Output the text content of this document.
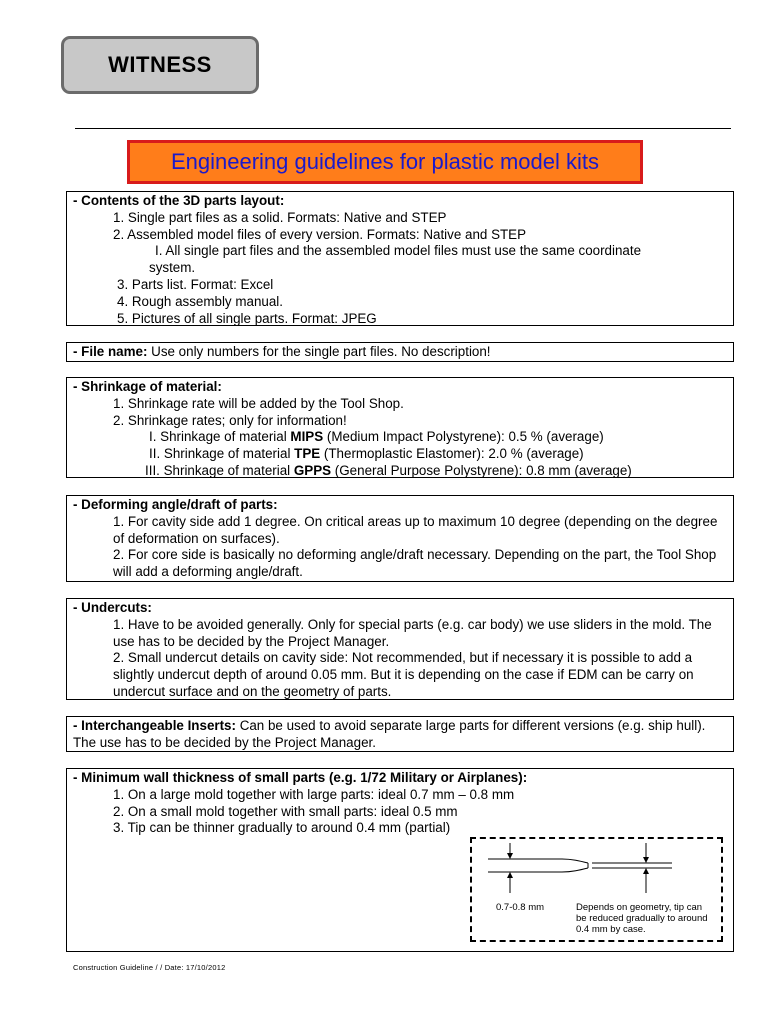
WITNESS
Engineering guidelines for plastic model kits

- Contents of the 3D parts layout:

1. Single part files as a solid. Formats: Native and STEP

2. Assembled model files of every version. Formats: Native and STEP

I. All single part files and the assembled model files must use the same coordinate

system.

3. Parts list. Format: Excel

4. Rough assembly manual.

5. Pictures of all single parts. Format: JPEG

- File name: Use only numbers for the single part files. No description!

- Shrinkage of material:

1. Shrinkage rate will be added by the Tool Shop.

2. Shrinkage rates; only for information!

I. Shrinkage of material MIPS (Medium Impact Polystyrene): 0.5 % (average)

II. Shrinkage of material TPE (Thermoplastic Elastomer): 2.0 % (average)

III. Shrinkage of material GPPS (General Purpose Polystyrene): 0.8 mm (average)

- Deforming angle/draft of parts:

1. For cavity side add 1 degree. On critical areas up to maximum 10 degree (depending on the degree of deformation on surfaces).

2. For core side is basically no deforming angle/draft necessary. Depending on the part, the Tool Shop will add a deforming angle/draft.

- Undercuts:

1. Have to be avoided generally. Only for special parts (e.g. car body) we use sliders in the mold. The use has to be decided by the Project Manager.

2. Small undercut details on cavity side: Not recommended, but if necessary it is possible to add a slightly undercut depth of around 0.05 mm. But it is depending on the case if EDM can be carry on undercut surface and on the geometry of parts.

- Interchangeable Inserts: Can be used to avoid separate large parts for different versions (e.g. ship hull). The use has to be decided by the Project Manager.

- Minimum wall thickness of small parts (e.g. 1/72 Military or Airplanes):

1. On a large mold together with large parts: ideal 0.7 mm – 0.8 mm

2. On a small mold together with small parts: ideal 0.5 mm

3. Tip can be thinner gradually to around 0.4 mm (partial)

0.7-0.8 mm	Depends on geometry, tip can be reduced gradually to around 0.4 mm by case.
Construction Guideline / / Date: 17/10/2012
